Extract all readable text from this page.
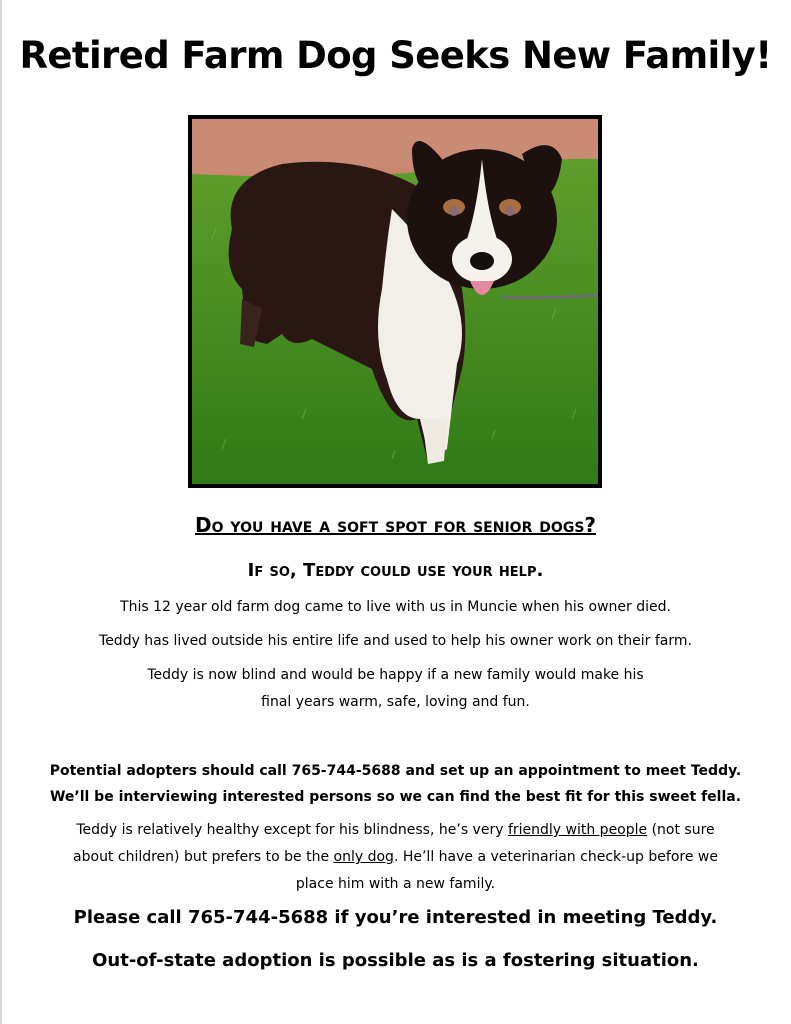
Retired Farm Dog Seeks New Family!
Do you have a soft spot for senior dogs?
If so, Teddy could use your help.
This 12 year old farm dog came to live with us in Muncie when his owner died.
Teddy has lived outside his entire life and used to help his owner work on their farm.
Teddy is now blind and would be happy if a new family would make his
final years warm, safe, loving and fun.
Potential adopters should call 765-744-5688 and set up an appointment to meet Teddy.
We’ll be interviewing interested persons so we can find the best fit for this sweet fella.
Teddy is relatively healthy except for his blindness, he’s very friendly with people (not sure
about children) but prefers to be the only dog. He’ll have a veterinarian check-up before we
place him with a new family.
Please call 765-744-5688 if you’re interested in meeting Teddy.
Out-of-state adoption is possible as is a fostering situation.
